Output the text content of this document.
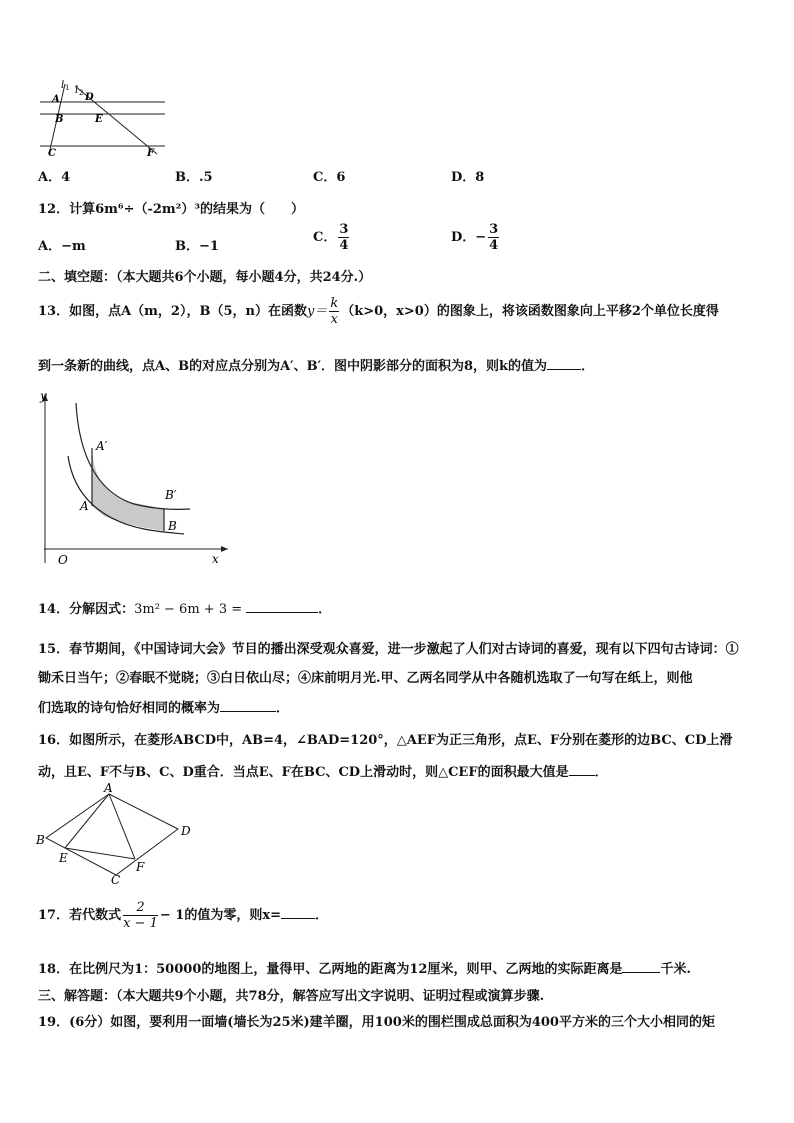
l 1 l 2
A	D
B	E
C	F
A．4	B．.5	C．6	D．8
12．计算6m⁶÷（-2m²）³的结果为（　　）
A．−m	B．−1
C． $\frac{3}{4}$	D．− $\frac{3}{4}$
二、填空题：（本大题共6个小题，每小题4分，共24分.）
13．如图，点A（m，2），B（5，n）在函数$y= \frac{k}{x} (k>0$，x>0）的图象上，将该函数图象向上平移2个单位长度得
到一条新的曲线，点A、B的对应点分别为A′、B′．图中阴影部分的面积为8，则k的值为	．
y
x
O
A′
A
B′
B
14．分解因式：3m² − 6m + 3 =	．
15．春节期间，《中国诗词大会》节目的播出深受观众喜爱，进一步激起了人们对古诗词的喜爱，现有以下四句古诗词：①
锄禾日当午；②春眠不觉晓；③白日依山尽；④床前明月光.甲、乙两名同学从中各随机选取了一句写在纸上，则他
们选取的诗句恰好相同的概率为	．
16．如图所示，在菱形ABCD中，AB=4，∠BAD=120°，△AEF为正三角形，点E、F分别在菱形的边BC、CD上滑
动，且E、F不与B、C、D重合．当点E、F在BC、CD上滑动时，则△CEF的面积最大值是 ．
A
B
C
D
E
F
17．若代数式 $\frac{2}{x - 1} - 1$的值为零，则x=	．
18．在比例尺为1：50000的地图上，量得甲、乙两地的距离为12厘米，则甲、乙两地的实际距离是	千米.
三、解答题：（本大题共9个小题，共78分，解答应写出文字说明、证明过程或演算步骤.
19．(6分）如图，要利用一面墙(墙长为25米)建羊圈，用100米的围栏围成总面积为400平方米的三个大小相同的矩
